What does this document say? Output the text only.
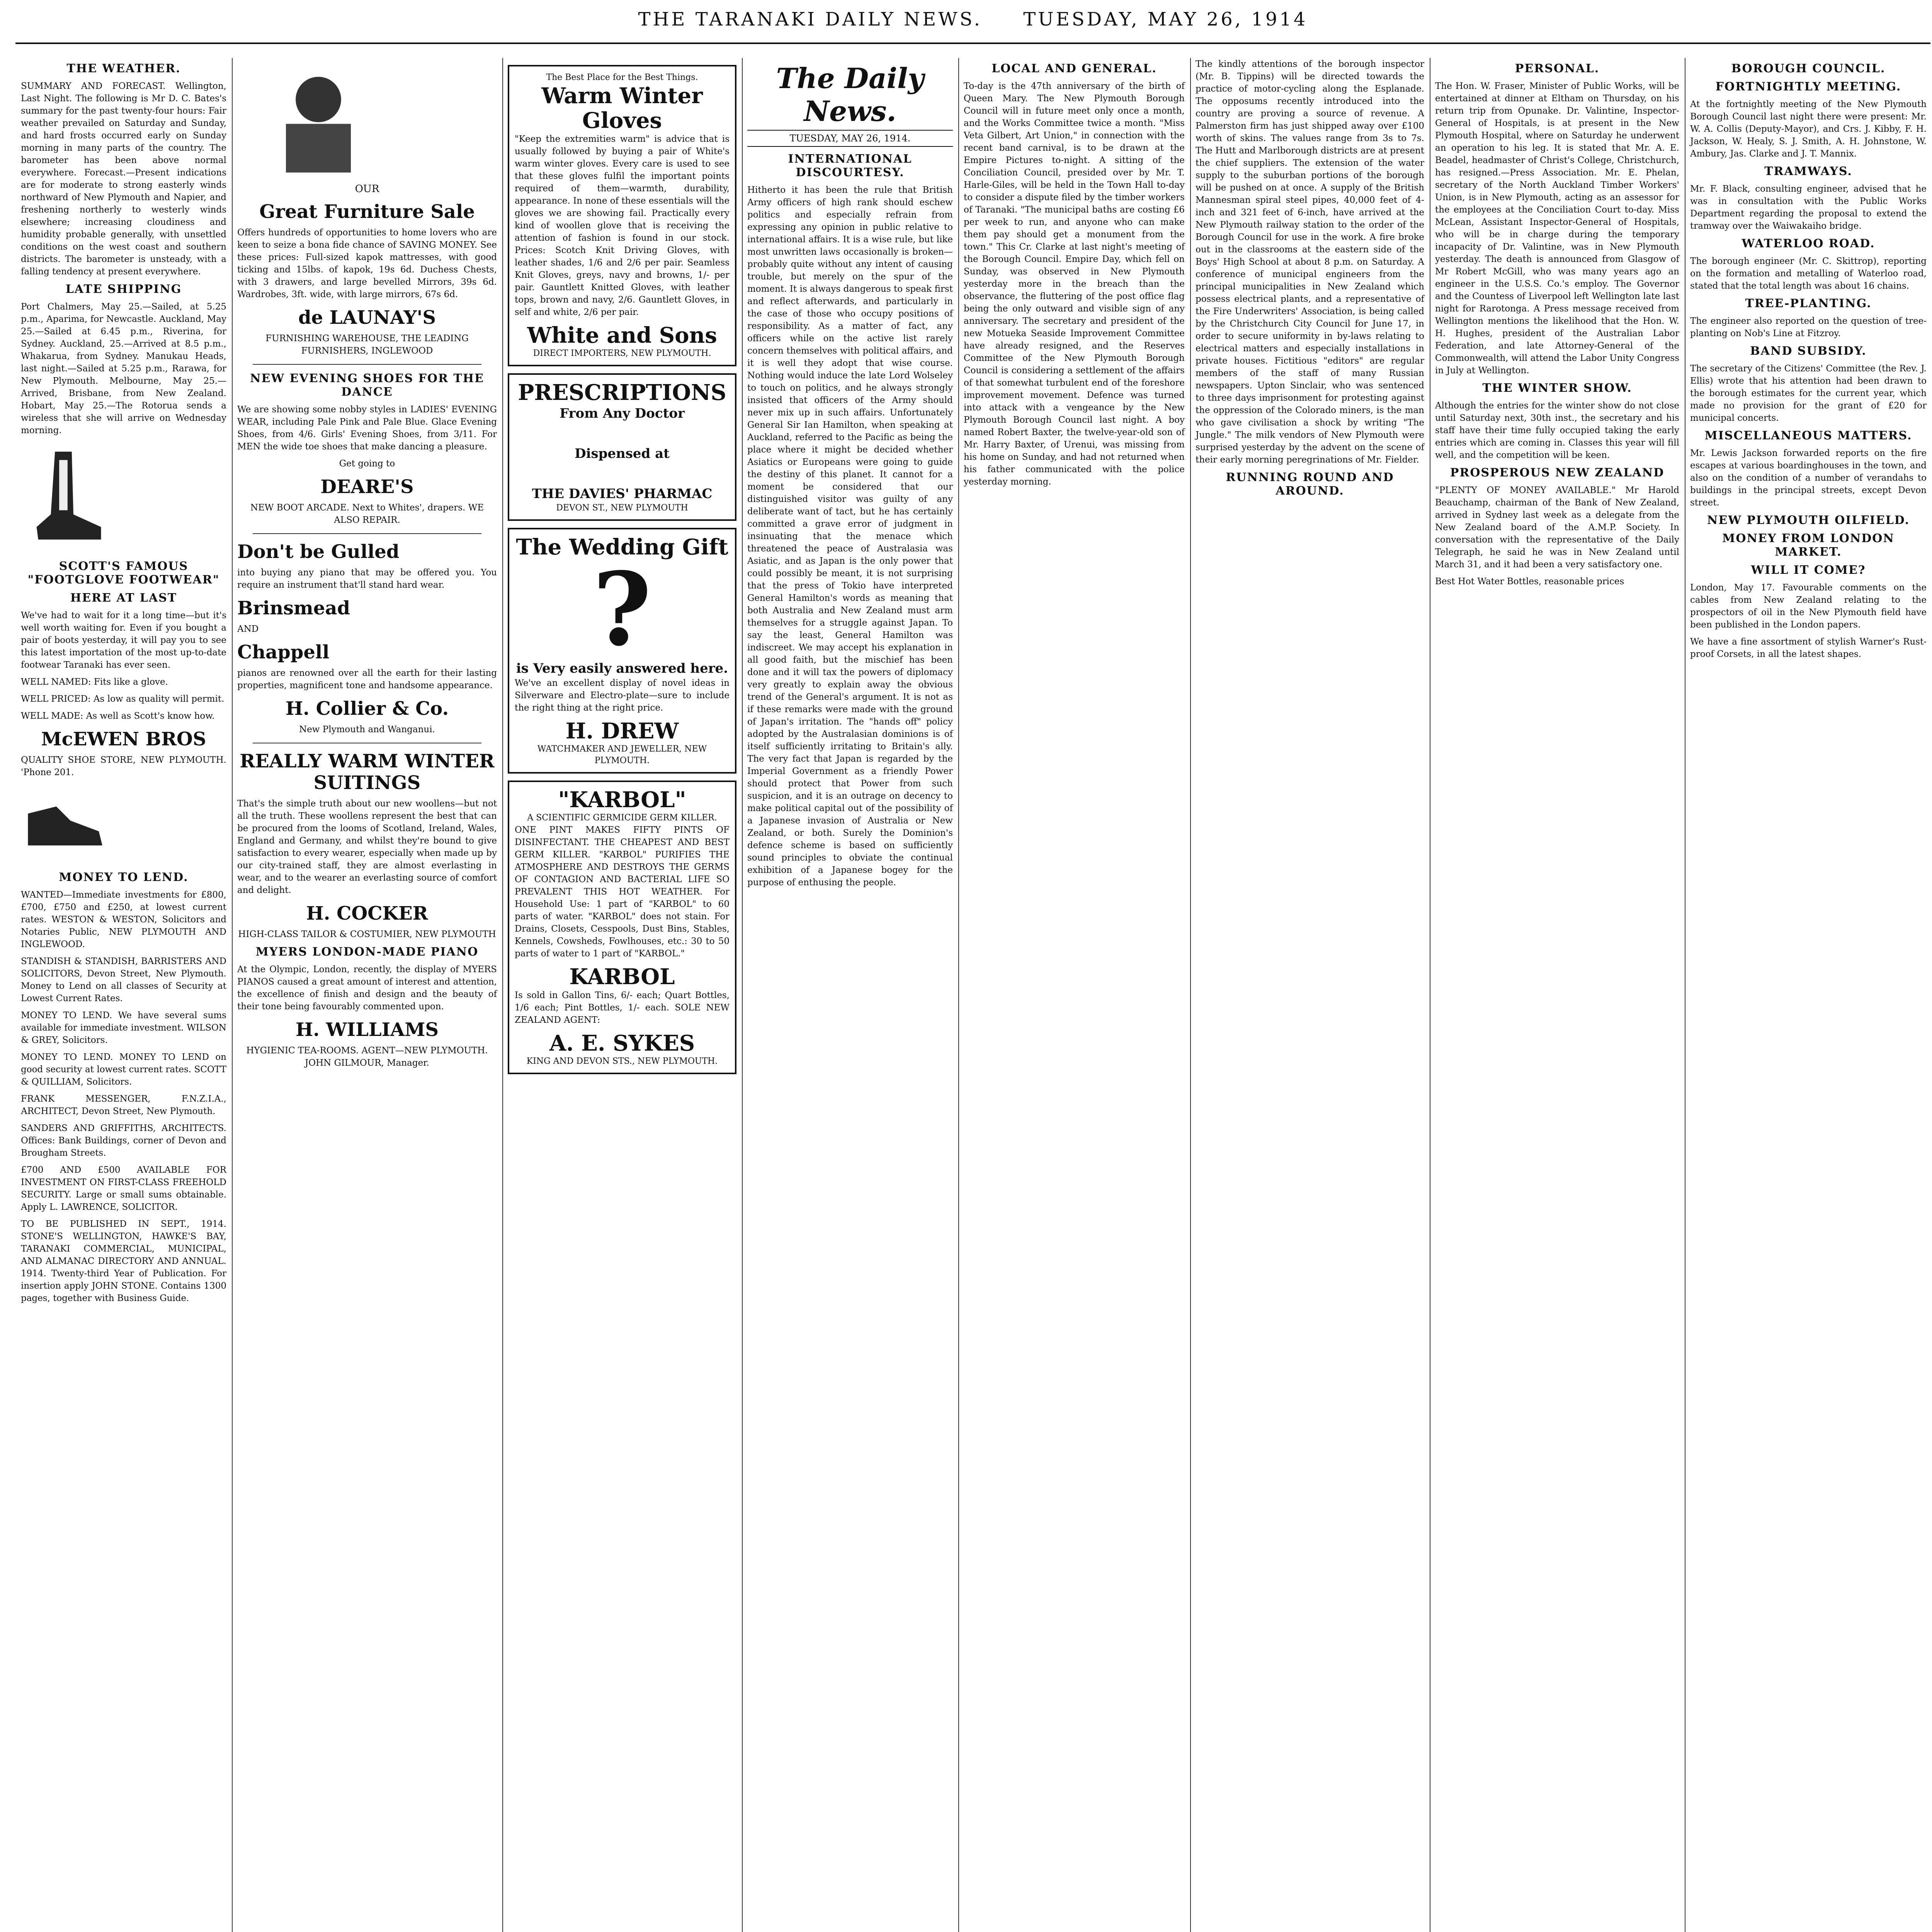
THE TARANAKI DAILY NEWS. TUESDAY, MAY 26, 1914
THE WEATHER.

SUMMARY AND FORECAST. Wellington, Last Night. The following is Mr D. C. Bates's summary for the past twenty-four hours: Fair weather prevailed on Saturday and Sunday, and hard frosts occurred early on Sunday morning in many parts of the country. The barometer has been above normal everywhere. Forecast.—Present indications are for moderate to strong easterly winds northward of New Plymouth and Napier, and freshening northerly to westerly winds elsewhere; increasing cloudiness and humidity probable generally, with unsettled conditions on the west coast and southern districts. The barometer is unsteady, with a falling tendency at present everywhere.

LATE SHIPPING

Port Chalmers, May 25.—Sailed, at 5.25 p.m., Aparima, for Newcastle. Auckland, May 25.—Sailed at 6.45 p.m., Riverina, for Sydney. Auckland, 25.—Arrived at 8.5 p.m., Whakarua, from Sydney. Manukau Heads, last night.—Sailed at 5.25 p.m., Rarawa, for New Plymouth. Melbourne, May 25.—Arrived, Brisbane, from New Zealand. Hobart, May 25.—The Rotorua sends a wireless that she will arrive on Wednesday morning.

SCOTT'S FAMOUS "FOOTGLOVE FOOTWEAR"
HERE AT LAST

We've had to wait for it a long time—but it's well worth waiting for. Even if you bought a pair of boots yesterday, it will pay you to see this latest importation of the most up-to-date footwear Taranaki has ever seen.

WELL NAMED: Fits like a glove.

WELL PRICED: As low as quality will permit.

WELL MADE: As well as Scott's know how.

McEWEN BROS

QUALITY SHOE STORE, NEW PLYMOUTH. 'Phone 201.

MONEY TO LEND.

WANTED—Immediate investments for £800, £700, £750 and £250, at lowest current rates. WESTON & WESTON, Solicitors and Notaries Public, NEW PLYMOUTH AND INGLEWOOD.

STANDISH & STANDISH, BARRISTERS AND SOLICITORS, Devon Street, New Plymouth. Money to Lend on all classes of Security at Lowest Current Rates.

MONEY TO LEND. We have several sums available for immediate investment. WILSON & GREY, Solicitors.

MONEY TO LEND. MONEY TO LEND on good security at lowest current rates. SCOTT & QUILLIAM, Solicitors.

FRANK MESSENGER, F.N.Z.I.A., ARCHITECT, Devon Street, New Plymouth.

SANDERS AND GRIFFITHS, ARCHITECTS. Offices: Bank Buildings, corner of Devon and Brougham Streets.

£700 AND £500 AVAILABLE FOR INVESTMENT ON FIRST-CLASS FREEHOLD SECURITY. Large or small sums obtainable. Apply L. LAWRENCE, SOLICITOR.

TO BE PUBLISHED IN SEPT., 1914. STONE'S WELLINGTON, HAWKE'S BAY, TARANAKI COMMERCIAL, MUNICIPAL, AND ALMANAC DIRECTORY AND ANNUAL. 1914. Twenty-third Year of Publication. For insertion apply JOHN STONE. Contains 1300 pages, together with Business Guide.

OUR
Great Furniture Sale

Offers hundreds of opportunities to home lovers who are keen to seize a bona fide chance of SAVING MONEY. See these prices: Full-sized kapok mattresses, with good ticking and 15lbs. of kapok, 19s 6d. Duchess Chests, with 3 drawers, and large bevelled Mirrors, 39s 6d. Wardrobes, 3ft. wide, with large mirrors, 67s 6d.

de LAUNAY'S

FURNISHING WAREHOUSE, THE LEADING FURNISHERS, INGLEWOOD

NEW EVENING SHOES FOR THE DANCE

We are showing some nobby styles in LADIES' EVENING WEAR, including Pale Pink and Pale Blue. Glace Evening Shoes, from 4/6. Girls' Evening Shoes, from 3/11. For MEN the wide toe shoes that make dancing a pleasure.

Get going to

DEARE'S

NEW BOOT ARCADE. Next to Whites', drapers. WE ALSO REPAIR.

Don't be Gulled

into buying any piano that may be offered you. You require an instrument that'll stand hard wear.

Brinsmead

AND

Chappell

pianos are renowned over all the earth for their lasting properties, magnificent tone and handsome appearance.

H. Collier & Co.

New Plymouth and Wanganui.

REALLY WARM WINTER SUITINGS

That's the simple truth about our new woollens—but not all the truth. These woollens represent the best that can be procured from the looms of Scotland, Ireland, Wales, England and Germany, and whilst they're bound to give satisfaction to every wearer, especially when made up by our city-trained staff, they are almost everlasting in wear, and to the wearer an everlasting source of comfort and delight.

H. COCKER

HIGH-CLASS TAILOR & COSTUMIER, NEW PLYMOUTH

MYERS LONDON-MADE PIANO

At the Olympic, London, recently, the display of MYERS PIANOS caused a great amount of interest and attention, the excellence of finish and design and the beauty of their tone being favourably commented upon.

H. WILLIAMS

HYGIENIC TEA-ROOMS. AGENT—NEW PLYMOUTH. JOHN GILMOUR, Manager.

The Best Place for the Best Things.
Warm Winter Gloves

"Keep the extremities warm" is advice that is usually followed by buying a pair of White's warm winter gloves. Every care is used to see that these gloves fulfil the important points required of them—warmth, durability, appearance. In none of these essentials will the gloves we are showing fail. Practically every kind of woollen glove that is receiving the attention of fashion is found in our stock. Prices: Scotch Knit Driving Gloves, with leather shades, 1/6 and 2/6 per pair. Seamless Knit Gloves, greys, navy and browns, 1/- per pair. Gauntlett Knitted Gloves, with leather tops, brown and navy, 2/6. Gauntlett Gloves, in self and white, 2/6 per pair.

White and Sons
DIRECT IMPORTERS, NEW PLYMOUTH.
PRESCRIPTIONS
From Any Doctor
Dispensed at
THE DAVIES' PHARMAC
DEVON ST., NEW PLYMOUTH
The Wedding Gift
?
is Very easily answered here.

We've an excellent display of novel ideas in Silverware and Electro-plate—sure to include the right thing at the right price.

H. DREW
WATCHMAKER AND JEWELLER, NEW PLYMOUTH.
"KARBOL"
A SCIENTIFIC GERMICIDE GERM KILLER.

ONE PINT MAKES FIFTY PINTS OF DISINFECTANT. THE CHEAPEST AND BEST GERM KILLER. "KARBOL" PURIFIES THE ATMOSPHERE AND DESTROYS THE GERMS OF CONTAGION AND BACTERIAL LIFE SO PREVALENT THIS HOT WEATHER. For Household Use: 1 part of "KARBOL" to 60 parts of water. "KARBOL" does not stain. For Drains, Closets, Cesspools, Dust Bins, Stables, Kennels, Cowsheds, Fowlhouses, etc.: 30 to 50 parts of water to 1 part of "KARBOL."

KARBOL

Is sold in Gallon Tins, 6/- each; Quart Bottles, 1/6 each; Pint Bottles, 1/- each. SOLE NEW ZEALAND AGENT:

A. E. SYKES
KING AND DEVON STS., NEW PLYMOUTH.
The Daily News.
TUESDAY, MAY 26, 1914.
INTERNATIONAL DISCOURTESY.

Hitherto it has been the rule that British Army officers of high rank should eschew politics and especially refrain from expressing any opinion in public relative to international affairs. It is a wise rule, but like most unwritten laws occasionally is broken—probably quite without any intent of causing trouble, but merely on the spur of the moment. It is always dangerous to speak first and reflect afterwards, and particularly in the case of those who occupy positions of responsibility. As a matter of fact, any officers while on the active list rarely concern themselves with political affairs, and it is well they adopt that wise course. Nothing would induce the late Lord Wolseley to touch on politics, and he always strongly insisted that officers of the Army should never mix up in such affairs. Unfortunately General Sir Ian Hamilton, when speaking at Auckland, referred to the Pacific as being the place where it might be decided whether Asiatics or Europeans were going to guide the destiny of this planet. It cannot for a moment be considered that our distinguished visitor was guilty of any deliberate want of tact, but he has certainly committed a grave error of judgment in insinuating that the menace which threatened the peace of Australasia was Asiatic, and as Japan is the only power that could possibly be meant, it is not surprising that the press of Tokio have interpreted General Hamilton's words as meaning that both Australia and New Zealand must arm themselves for a struggle against Japan. To say the least, General Hamilton was indiscreet. We may accept his explanation in all good faith, but the mischief has been done and it will tax the powers of diplomacy very greatly to explain away the obvious trend of the General's argument. It is not as if these remarks were made with the ground of Japan's irritation. The "hands off" policy adopted by the Australasian dominions is of itself sufficiently irritating to Britain's ally. The very fact that Japan is regarded by the Imperial Government as a friendly Power should protect that Power from such suspicion, and it is an outrage on decency to make political capital out of the possibility of a Japanese invasion of Australia or New Zealand, or both. Surely the Dominion's defence scheme is based on sufficiently sound principles to obviate the continual exhibition of a Japanese bogey for the purpose of enthusing the people.

LOCAL AND GENERAL.

To-day is the 47th anniversary of the birth of Queen Mary. The New Plymouth Borough Council will in future meet only once a month, and the Works Committee twice a month. "Miss Veta Gilbert, Art Union," in connection with the recent band carnival, is to be drawn at the Empire Pictures to-night. A sitting of the Conciliation Council, presided over by Mr. T. Harle-Giles, will be held in the Town Hall to-day to consider a dispute filed by the timber workers of Taranaki. "The municipal baths are costing £6 per week to run, and anyone who can make them pay should get a monument from the town." This Cr. Clarke at last night's meeting of the Borough Council. Empire Day, which fell on Sunday, was observed in New Plymouth yesterday more in the breach than the observance, the fluttering of the post office flag being the only outward and visible sign of any anniversary. The secretary and president of the new Motueka Seaside Improvement Committee have already resigned, and the Reserves Committee of the New Plymouth Borough Council is considering a settlement of the affairs of that somewhat turbulent end of the foreshore improvement movement. Defence was turned into attack with a vengeance by the New Plymouth Borough Council last night. A boy named Robert Baxter, the twelve-year-old son of Mr. Harry Baxter, of Urenui, was missing from his home on Sunday, and had not returned when his father communicated with the police yesterday morning.

The kindly attentions of the borough inspector (Mr. B. Tippins) will be directed towards the practice of motor-cycling along the Esplanade. The opposums recently introduced into the country are proving a source of revenue. A Palmerston firm has just shipped away over £100 worth of skins. The values range from 3s to 7s. The Hutt and Marlborough districts are at present the chief suppliers. The extension of the water supply to the suburban portions of the borough will be pushed on at once. A supply of the British Mannesman spiral steel pipes, 40,000 feet of 4-inch and 321 feet of 6-inch, have arrived at the New Plymouth railway station to the order of the Borough Council for use in the work. A fire broke out in the classrooms at the eastern side of the Boys' High School at about 8 p.m. on Saturday. A conference of municipal engineers from the principal municipalities in New Zealand which possess electrical plants, and a representative of the Fire Underwriters' Association, is being called by the Christchurch City Council for June 17, in order to secure uniformity in by-laws relating to electrical matters and especially installations in private houses. Fictitious "editors" are regular members of the staff of many Russian newspapers. Upton Sinclair, who was sentenced to three days imprisonment for protesting against the oppression of the Colorado miners, is the man who gave civilisation a shock by writing "The Jungle." The milk vendors of New Plymouth were surprised yesterday by the advent on the scene of their early morning peregrinations of Mr. Fielder.

RUNNING ROUND AND AROUND.
PERSONAL.

The Hon. W. Fraser, Minister of Public Works, will be entertained at dinner at Eltham on Thursday, on his return trip from Opunake. Dr. Valintine, Inspector-General of Hospitals, is at present in the New Plymouth Hospital, where on Saturday he underwent an operation to his leg. It is stated that Mr. A. E. Beadel, headmaster of Christ's College, Christchurch, has resigned.—Press Association. Mr. E. Phelan, secretary of the North Auckland Timber Workers' Union, is in New Plymouth, acting as an assessor for the employees at the Conciliation Court to-day. Miss McLean, Assistant Inspector-General of Hospitals, who will be in charge during the temporary incapacity of Dr. Valintine, was in New Plymouth yesterday. The death is announced from Glasgow of Mr Robert McGill, who was many years ago an engineer in the U.S.S. Co.'s employ. The Governor and the Countess of Liverpool left Wellington late last night for Rarotonga. A Press message received from Wellington mentions the likelihood that the Hon. W. H. Hughes, president of the Australian Labor Federation, and late Attorney-General of the Commonwealth, will attend the Labor Unity Congress in July at Wellington.

THE WINTER SHOW.

Although the entries for the winter show do not close until Saturday next, 30th inst., the secretary and his staff have their time fully occupied taking the early entries which are coming in. Classes this year will fill well, and the competition will be keen.

PROSPEROUS NEW ZEALAND

"PLENTY OF MONEY AVAILABLE." Mr Harold Beauchamp, chairman of the Bank of New Zealand, arrived in Sydney last week as a delegate from the New Zealand board of the A.M.P. Society. In conversation with the representative of the Daily Telegraph, he said he was in New Zealand until March 31, and it had been a very satisfactory one.

Best Hot Water Bottles, reasonable prices

BOROUGH COUNCIL.
FORTNIGHTLY MEETING.

At the fortnightly meeting of the New Plymouth Borough Council last night there were present: Mr. W. A. Collis (Deputy-Mayor), and Crs. J. Kibby, F. H. Jackson, W. Healy, S. J. Smith, A. H. Johnstone, W. Ambury, Jas. Clarke and J. T. Mannix.

TRAMWAYS.

Mr. F. Black, consulting engineer, advised that he was in consultation with the Public Works Department regarding the proposal to extend the tramway over the Waiwakaiho bridge.

WATERLOO ROAD.

The borough engineer (Mr. C. Skittrop), reporting on the formation and metalling of Waterloo road, stated that the total length was about 16 chains.

TREE-PLANTING.

The engineer also reported on the question of tree-planting on Nob's Line at Fitzroy.

BAND SUBSIDY.

The secretary of the Citizens' Committee (the Rev. J. Ellis) wrote that his attention had been drawn to the borough estimates for the current year, which made no provision for the grant of £20 for municipal concerts.

MISCELLANEOUS MATTERS.

Mr. Lewis Jackson forwarded reports on the fire escapes at various boardinghouses in the town, and also on the condition of a number of verandahs to buildings in the principal streets, except Devon street.

NEW PLYMOUTH OILFIELD.
MONEY FROM LONDON MARKET.
WILL IT COME?

London, May 17. Favourable comments on the cables from New Zealand relating to the prospectors of oil in the New Plymouth field have been published in the London papers.

We have a fine assortment of stylish Warner's Rust-proof Corsets, in all the latest shapes.
